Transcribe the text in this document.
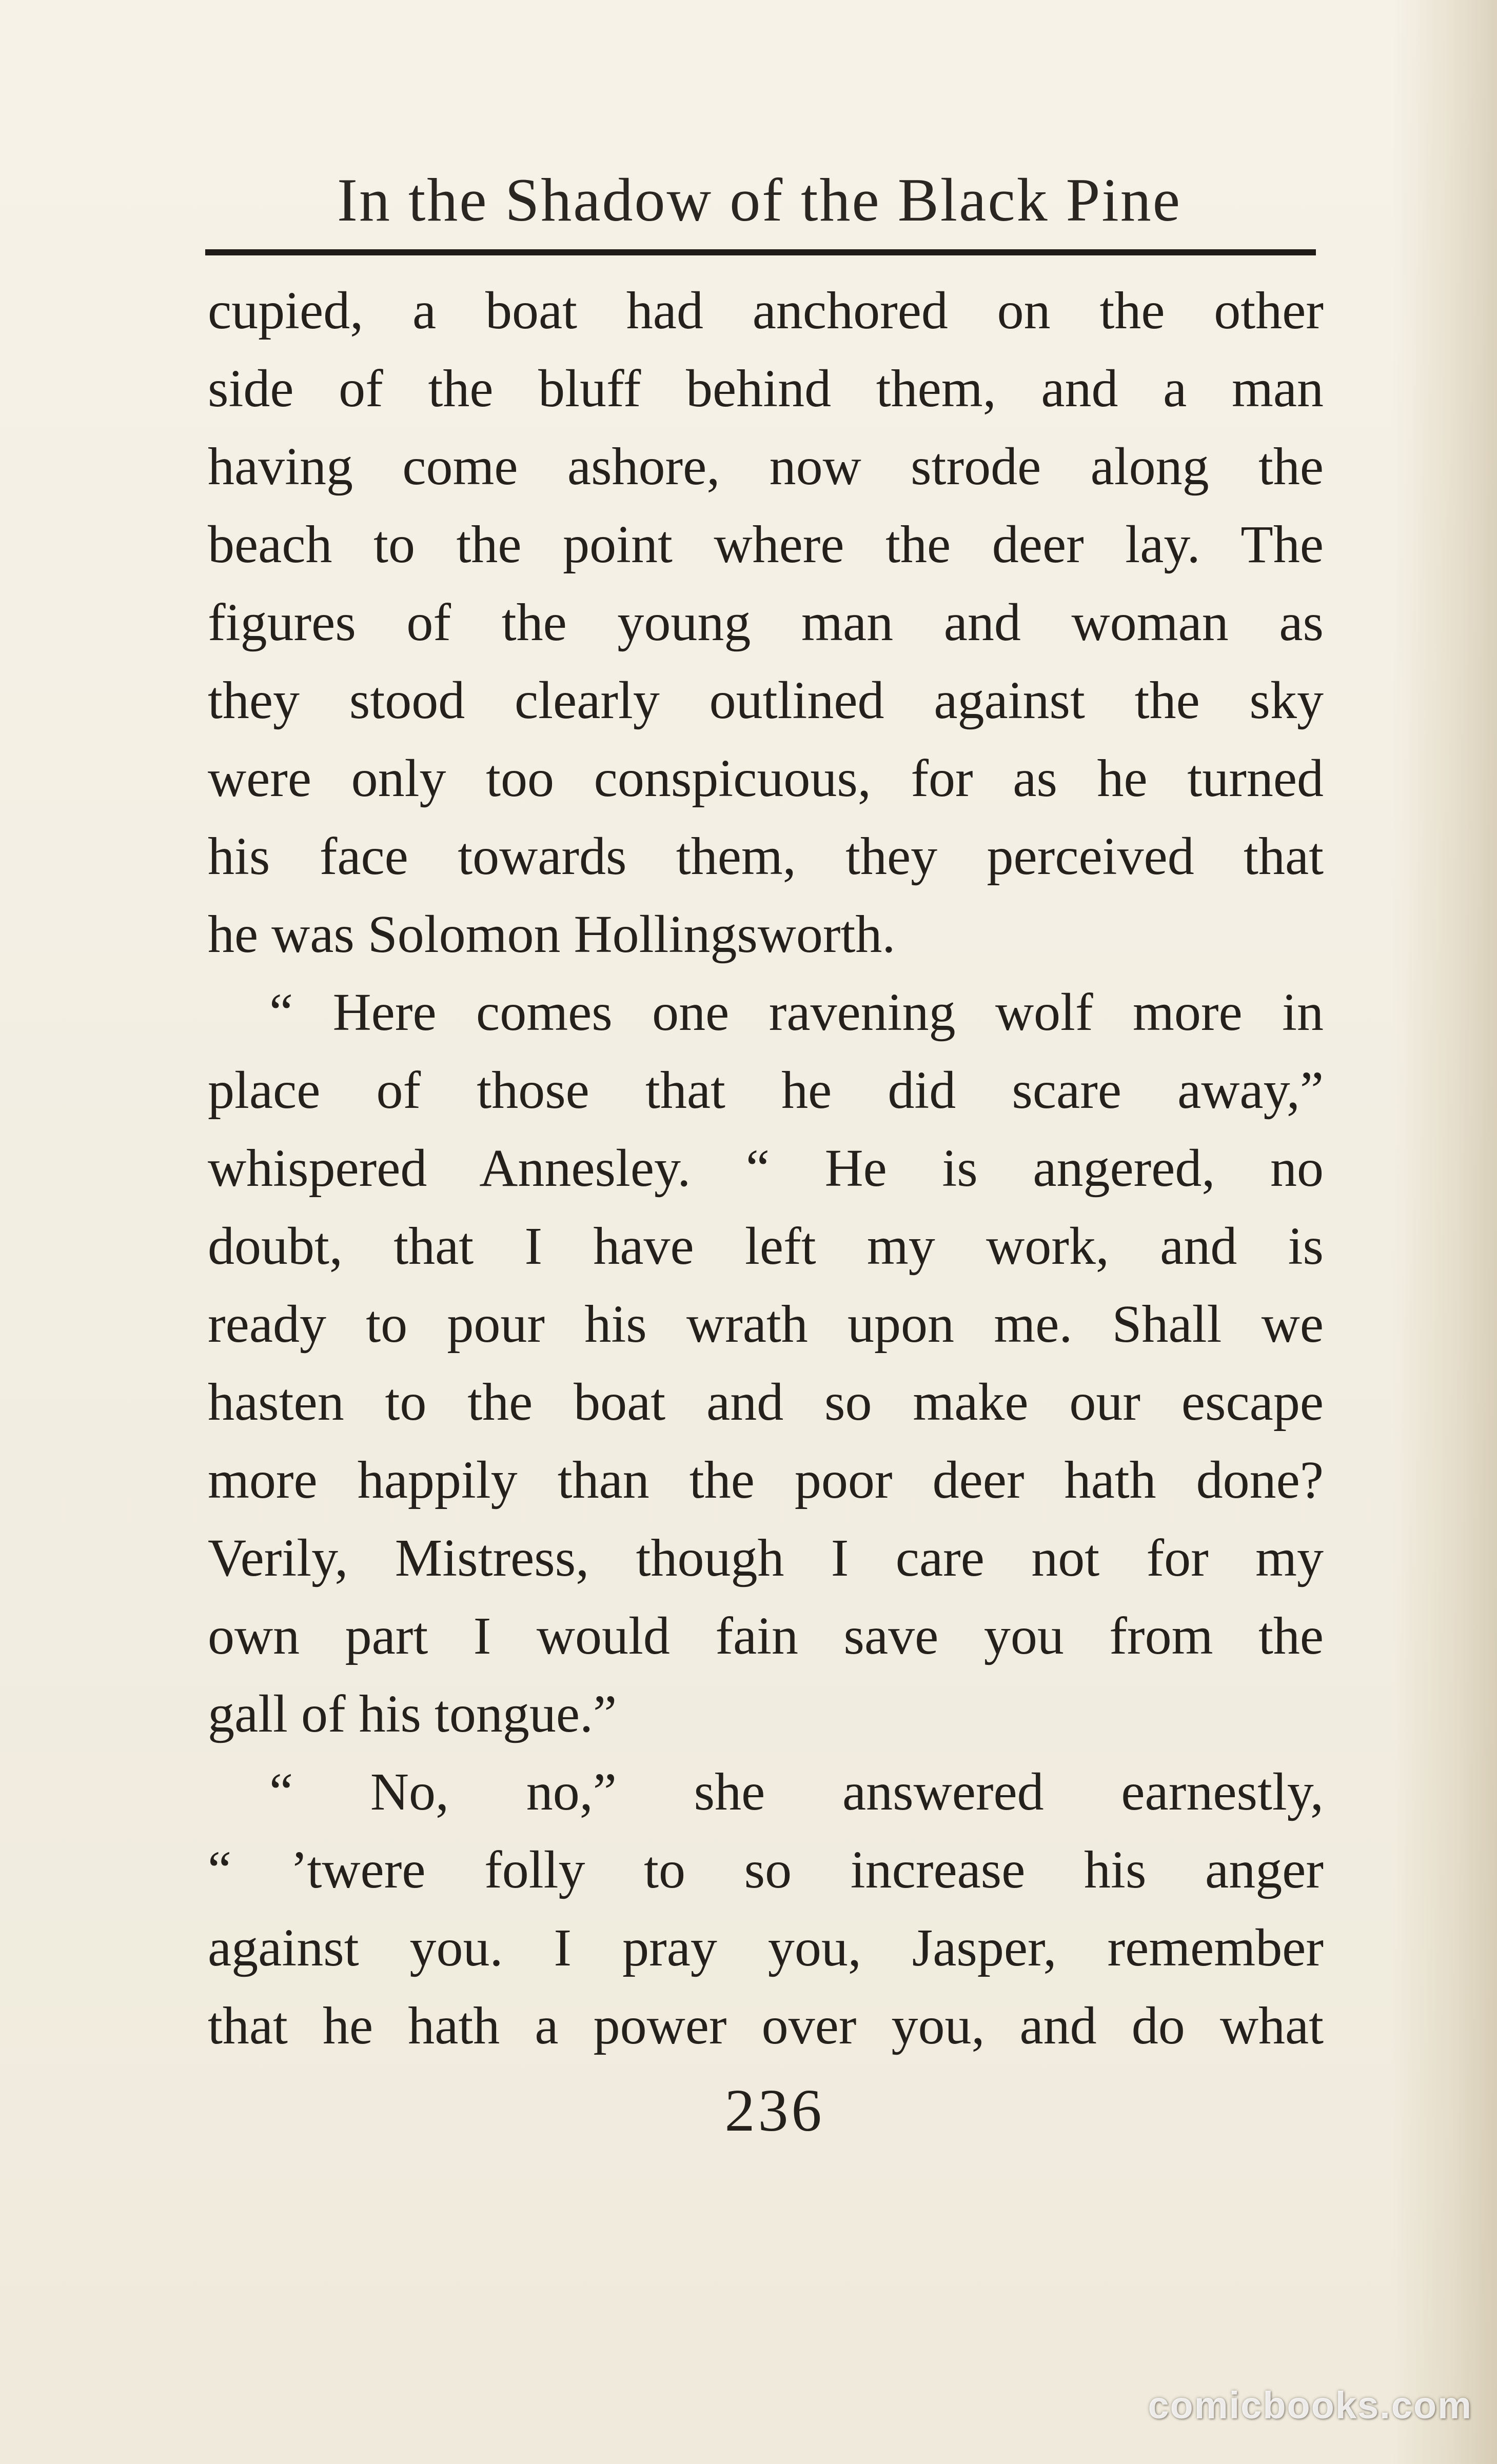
In the Shadow of the Black Pine
cupied, a boat had anchored on the other
side of the bluff behind them, and a man
having come ashore, now strode along the
beach to the point where the deer lay. The
figures of the young man and woman as
they stood clearly outlined against the sky
were only too conspicuous, for as he turned
his face towards them, they perceived that
he was Solomon Hollingsworth.
“ Here comes one ravening wolf more in
place of those that he did scare away,”
whispered Annesley. “ He is angered, no
doubt, that I have left my work, and is
ready to pour his wrath upon me. Shall we
hasten to the boat and so make our escape
more happily than the poor deer hath done?
Verily, Mistress, though I care not for my
own part I would fain save you from the
gall of his tongue.”
“ No, no,” she answered earnestly,
“ ’twere folly to so increase his anger
against you. I pray you, Jasper, remember
that he hath a power over you, and do what
236
comicbooks.com
